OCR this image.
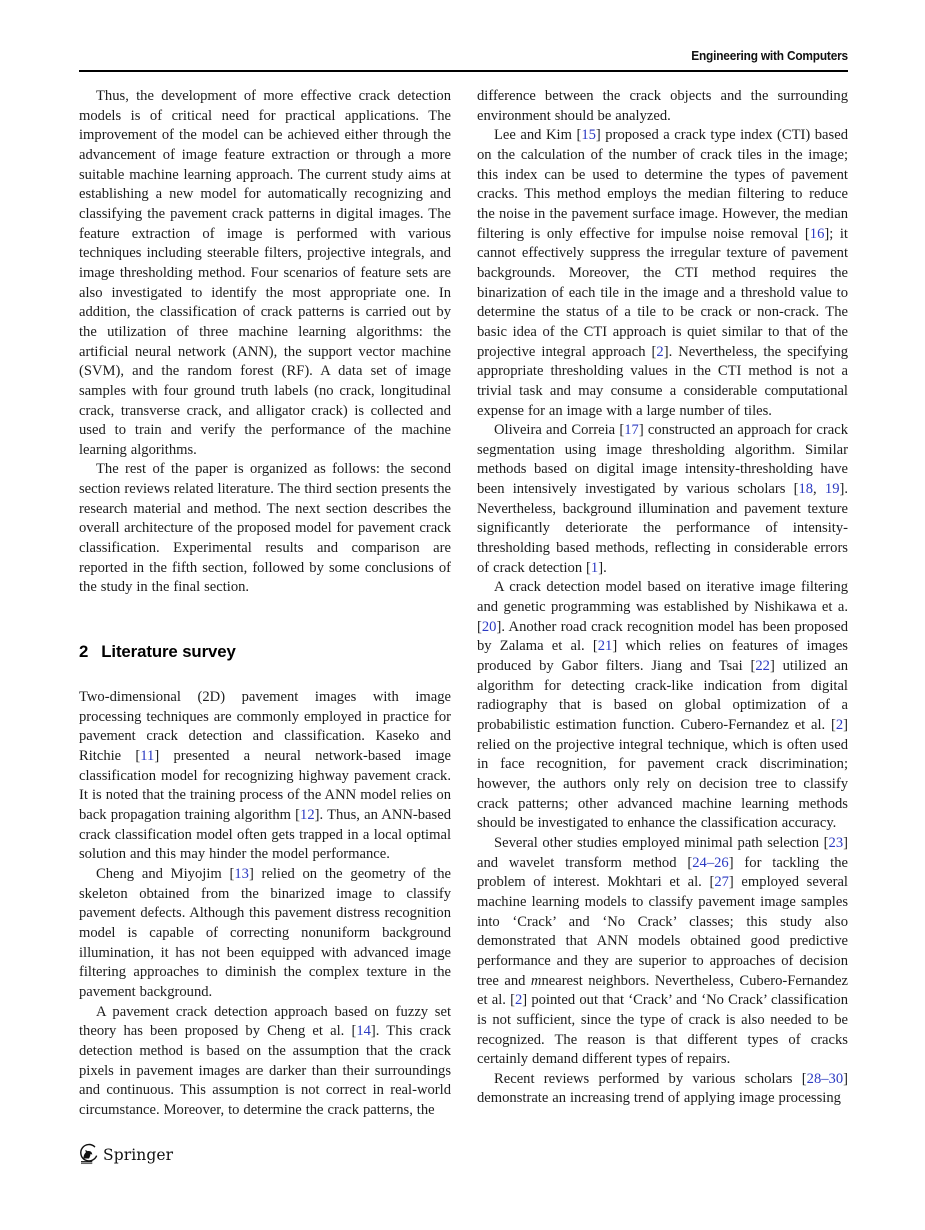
Engineering with Computers

Thus, the development of more effective crack detection models is of critical need for practical applications. The improvement of the model can be achieved either through the advancement of image feature extraction or through a more suitable machine learning approach. The current study aims at establishing a new model for automatically recognizing and classifying the pavement crack patterns in digital images. The feature extraction of image is performed with various techniques including steerable filters, projective integrals, and image thresholding method. Four scenarios of feature sets are also investigated to identify the most appropriate one. In addition, the classification of crack patterns is carried out by the utilization of three machine learning algorithms: the artificial neural network (ANN), the support vector machine (SVM), and the random forest (RF). A data set of image samples with four ground truth labels (no crack, longitudinal crack, transverse crack, and alligator crack) is collected and used to train and verify the performance of the machine learning algorithms.

The rest of the paper is organized as follows: the second section reviews related literature. The third section presents the research material and method. The next section describes the overall architecture of the proposed model for pavement crack classification. Experimental results and comparison are reported in the fifth section, followed by some conclusions of the study in the final section.

2 Literature survey

Two-dimensional (2D) pavement images with image processing techniques are commonly employed in practice for pavement crack detection and classification. Kaseko and Ritchie [11] presented a neural network-based image classification model for recognizing highway pavement crack. It is noted that the training process of the ANN model relies on back propagation training algorithm [12]. Thus, an ANN-based crack classification model often gets trapped in a local optimal solution and this may hinder the model performance.

Cheng and Miyojim [13] relied on the geometry of the skeleton obtained from the binarized image to classify pavement defects. Although this pavement distress recognition model is capable of correcting nonuniform background illumination, it has not been equipped with advanced image filtering approaches to diminish the complex texture in the pavement background.

A pavement crack detection approach based on fuzzy set theory has been proposed by Cheng et al. [14]. This crack detection method is based on the assumption that the crack pixels in pavement images are darker than their surroundings and continuous. This assumption is not correct in real-world circumstance. Moreover, to determine the crack patterns, the

difference between the crack objects and the surrounding environment should be analyzed.

Lee and Kim [15] proposed a crack type index (CTI) based on the calculation of the number of crack tiles in the image; this index can be used to determine the types of pavement cracks. This method employs the median filtering to reduce the noise in the pavement surface image. However, the median filtering is only effective for impulse noise removal [16]; it cannot effectively suppress the irregular texture of pavement backgrounds. Moreover, the CTI method requires the binarization of each tile in the image and a threshold value to determine the status of a tile to be crack or non-crack. The basic idea of the CTI approach is quiet similar to that of the projective integral approach [2]. Nevertheless, the specifying appropriate thresholding values in the CTI method is not a trivial task and may consume a considerable computational expense for an image with a large number of tiles.

Oliveira and Correia [17] constructed an approach for crack segmentation using image thresholding algorithm. Similar methods based on digital image intensity-thresholding have been intensively investigated by various scholars [18, 19]. Nevertheless, background illumination and pavement texture significantly deteriorate the performance of intensity-thresholding based methods, reflecting in considerable errors of crack detection [1].

A crack detection model based on iterative image filtering and genetic programming was established by Nishikawa et a. [20]. Another road crack recognition model has been proposed by Zalama et al. [21] which relies on features of images produced by Gabor filters. Jiang and Tsai [22] utilized an algorithm for detecting crack-like indication from digital radiography that is based on global optimization of a probabilistic estimation function. Cubero-Fernandez et al. [2] relied on the projective integral technique, which is often used in face recognition, for pavement crack discrimination; however, the authors only rely on decision tree to classify crack patterns; other advanced machine learning methods should be investigated to enhance the classification accuracy.

Several other studies employed minimal path selection [23] and wavelet transform method [24–26] for tackling the problem of interest. Mokhtari et al. [27] employed several machine learning models to classify pavement image samples into ‘Crack’ and ‘No Crack’ classes; this study also demonstrated that ANN models obtained good predictive performance and they are superior to approaches of decision tree and mnearest neighbors. Nevertheless, Cubero-Fernandez et al. [2] pointed out that ‘Crack’ and ‘No Crack’ classification is not sufficient, since the type of crack is also needed to be recognized. The reason is that different types of cracks certainly demand different types of repairs.

Recent reviews performed by various scholars [28–30] demonstrate an increasing trend of applying image processing

Springer
